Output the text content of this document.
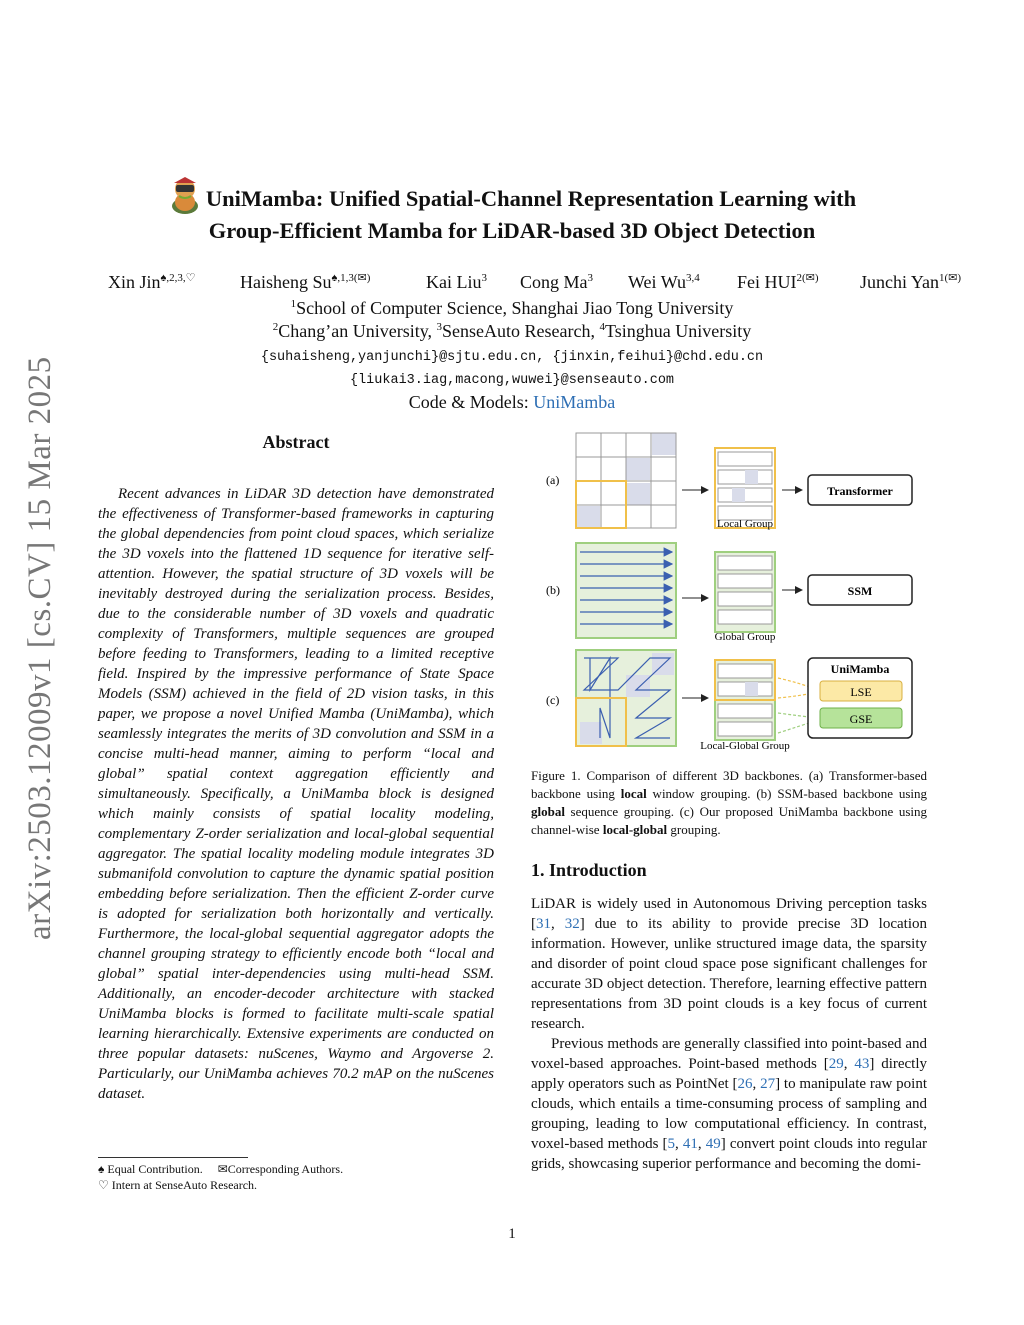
arXiv:2503.12009v1 [cs.CV] 15 Mar 2025
UniMamba: Unified Spatial-Channel Representation Learning with
Group-Efficient Mamba for LiDAR-based 3D Object Detection
Xin Jin$^{♠,2,3,♡}$ Haisheng $Su^{♠,1,3(✉)}$	Kai Liu$^3$ Cong Ma$^3$ Wei Wu$^{3,4}$ Fei $HUI^{2(✉)}$ Junchi Yan$^{1(✉)}$
$^1$School of Computer Science, Shanghai Jiao Tong University
$^2$Chang’an University, $^3$SenseAuto Research, $^4$Tsinghua University
{suhaisheng,yanjunchi}@sjtu.edu.cn, {jinxin,feihui}@chd.edu.cn
{liukai3.iag,macong,wuwei}@senseauto.com
Code & Models: UniMamba
Abstract

Recent advances in LiDAR 3D detection have demonstrated the effectiveness of Transformer-based frameworks in capturing the global dependencies from point cloud spaces, which serialize the 3D voxels into the flattened 1D sequence for iterative self-attention. However, the spatial structure of 3D voxels will be inevitably destroyed during the serialization process. Besides, due to the considerable number of 3D voxels and quadratic complexity of Transformers, multiple sequences are grouped before feeding to Transformers, leading to a limited receptive field. Inspired by the impressive performance of State Space Models (SSM) achieved in the field of 2D vision tasks, in this paper, we propose a novel Unified Mamba (UniMamba), which seamlessly integrates the merits of 3D convolution and SSM in a concise multi-head manner, aiming to perform “local and global” spatial context aggregation efficiently and simultaneously. Specifically, a UniMamba block is designed which mainly consists of spatial locality modeling, complementary Z-order serialization and local-global sequential aggregator. The spatial locality modeling module integrates 3D submanifold convolution to capture the dynamic spatial position embedding before serialization. Then the efficient Z-order curve is adopted for serialization both horizontally and vertically. Furthermore, the local-global sequential aggregator adopts the channel grouping strategy to efficiently encode both “local and global” spatial inter-dependencies using multi-head SSM. Additionally, an encoder-decoder architecture with stacked UniMamba blocks is formed to facilitate multi-scale spatial learning hierarchically. Extensive experiments are conducted on three popular datasets: nuScenes, Waymo and Argoverse 2. Particularly, our UniMamba achieves 70.2 mAP on the nuScenes dataset.

♠ Equal Contribution. ✉Corresponding Authors.
♡ Intern at SenseAuto Research.
(a)
(b)
(c)
Local Group
Transformer
Global Group
SSM
Local-Global Group
UniMamba
LSE
GSE

Figure 1. Comparison of different 3D backbones. (a) Transformer-based backbone using local window grouping. (b) SSM-based backbone using global sequence grouping. (c) Our proposed UniMamba backbone using channel-wise local-global grouping.

1. Introduction

LiDAR is widely used in Autonomous Driving perception tasks [31, 32] due to its ability to provide precise 3D location information. However, unlike structured image data, the sparsity and disorder of point cloud space pose significant challenges for accurate 3D object detection. Therefore, learning effective pattern representations from 3D point clouds is a key focus of current research.

Previous methods are generally classified into point-based and voxel-based approaches. Point-based methods [29, 43] directly apply operators such as PointNet [26, 27] to manipulate raw point clouds, which entails a time-consuming process of sampling and grouping, leading to low computational efficiency. In contrast, voxel-based methods [5, 41, 49] convert point clouds into regular grids, showcasing superior performance and becoming the domi-

1
